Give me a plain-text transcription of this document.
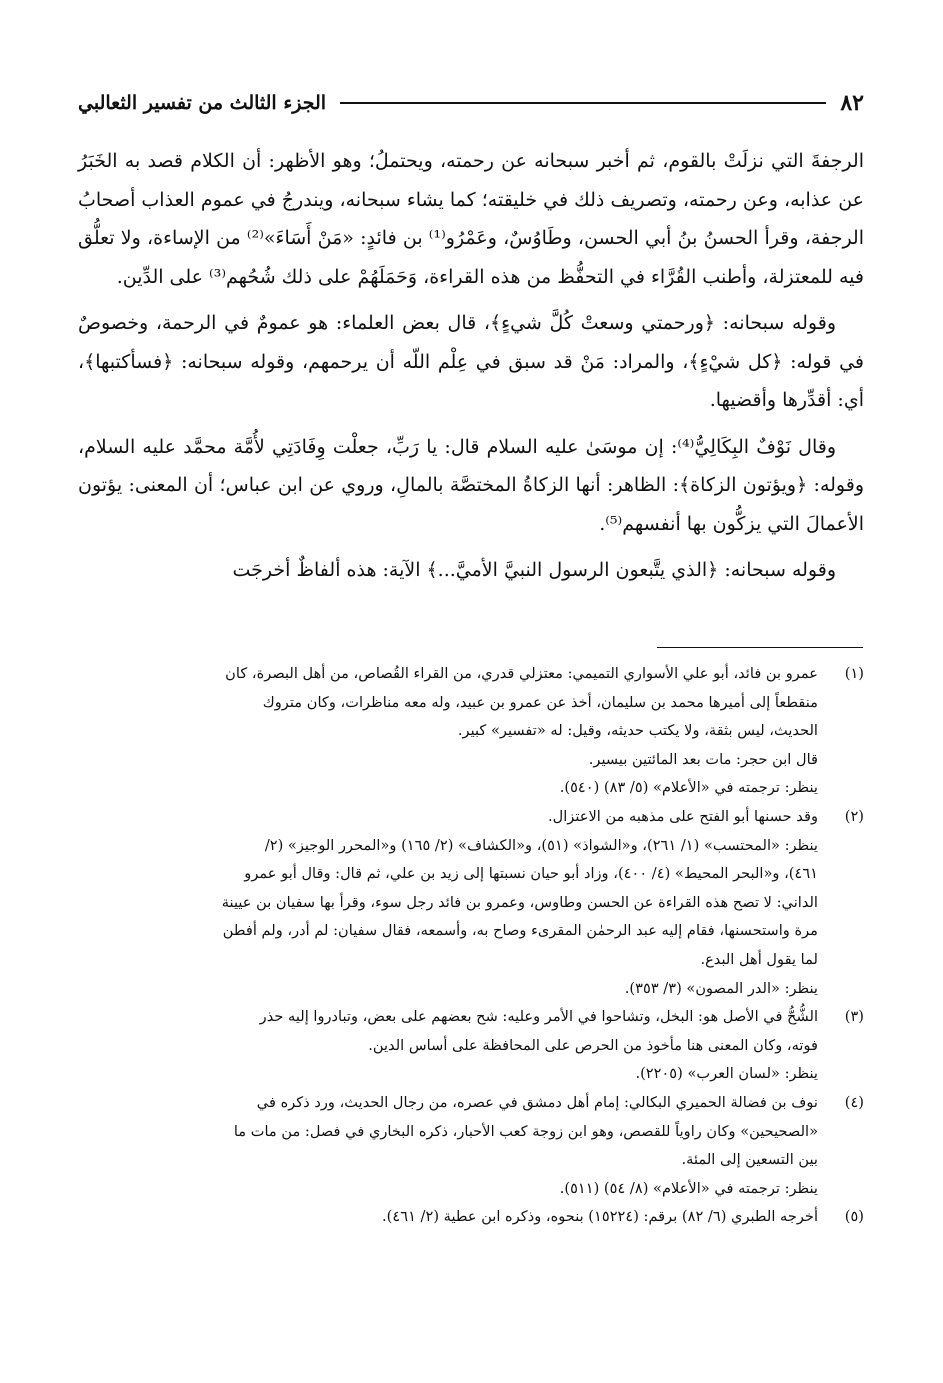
٨٢
الجزء الثالث من تفسير الثعالبي

الرجفةَ التي نزلَتْ بالقوم، ثم أخبر سبحانه عن رحمته، ويحتملُ؛ وهو الأظهر: أن الكلام قصد به الخَبَرُ عن عذابه، وعن رحمته، وتصريف ذلك في خليقته؛ كما يشاء سبحانه، ويندرجُ في عموم العذاب أصحابُ الرجفة، وقرأ الحسنُ بنُ أبي الحسن، وطَاوُسٌ، وعَمْرُو⁽¹⁾ بن فائدٍ: «مَنْ أَسَاءَ»⁽²⁾ من الإساءة، ولا تعلُّق فيه للمعتزلة، وأطنب القُرَّاء في التحفُّظ من هذه القراءة، وَحَمَلَهُمْ على ذلك شُحُهم⁽³⁾ على الدِّين.

وقوله سبحانه: ﴿ورحمتي وسعتْ كُلَّ شيءٍ﴾، قال بعض العلماء: هو عمومٌ في الرحمة، وخصوصٌ في قوله: ﴿كل شيْءٍ﴾، والمراد: مَنْ قد سبق في عِلْم اللّه أن يرحمهم، وقوله سبحانه: ﴿فسأكتبها﴾، أي: أقدِّرها وأقضيها.

وقال نَوْفٌ البِكَالِيُّ⁽⁴⁾: إن موسَىٰ عليه السلام قال: يا رَبِّ، جعلْت وِفَادَتِي لأُمَّة محمَّد عليه السلام، وقوله: ﴿ويؤتون الزكاة﴾: الظاهر: أنها الزكاةُ المختصَّة بالمالِ، وروي عن ابن عباس؛ أن المعنى: يؤتون الأعمالَ التي يزكُّون بها أنفسهم⁽⁵⁾.

وقوله سبحانه: ﴿الذي يتَّبعون الرسول النبيَّ الأميَّ...﴾ الآية: هذه ألفاظٌ أخرجَت

(١)
عمرو بن فائد، أبو علي الأسواري التميمي: معتزلي قدري، من القراء القُصاص، من أهل البصرة، كان
منقطعاً إلى أميرها محمد بن سليمان، أخذ عن عمرو بن عبيد، وله معه مناظرات، وكان متروك
الحديث، ليس بثقة، ولا يكتب حديثه، وقيل: له «تفسير» كبير.
قال ابن حجر: مات بعد المائتين بيسير.
ينظر: ترجمته في «الأعلام» (٥/ ٨٣) (٥٤٠).
(٢)
وقد حسنها أبو الفتح على مذهبه من الاعتزال.
ينظر: «المحتسب» (١/ ٢٦١)، و«الشواذ» (٥١)، و«الكشاف» (٢/ ١٦٥) و«المحرر الوجيز» (٢/
٤٦١)، و«البحر المحيط» (٤/ ٤٠٠)، وزاد أبو حيان نسبتها إلى زيد بن علي، ثم قال: وقال أبو عمرو
الداني: لا تصح هذه القراءة عن الحسن وطاوس، وعمرو بن فائد رجل سوء، وقرأ بها سفيان بن عيينة
مرة واستحسنها، فقام إليه عبد الرحمٰن المقرىء وصاح به، وأسمعه، فقال سفيان: لم أدر، ولم أفطن
لما يقول أهل البدع.
ينظر: «الدر المصون» (٣/ ٣٥٣).
(٣)
الشُّحُّ في الأصل هو: البخل، وتشاحوا في الأمر وعليه: شح بعضهم على بعض، وتبادروا إليه حذر
فوته، وكان المعنى هنا مأخوذ من الحرص على المحافظة على أساس الدين.
ينظر: «لسان العرب» (٢٢٠٥).
(٤)
نوف بن فضالة الحميري البكالي: إمام أهل دمشق في عصره، من رجال الحديث، ورد ذكره في
«الصحيحين» وكان راوياً للقصص، وهو ابن زوجة كعب الأحبار، ذكره البخاري في فصل: من مات ما
بين التسعين إلى المئة.
ينظر: ترجمته في «الأعلام» (٨/ ٥٤) (٥١١).
(٥)
أخرجه الطبري (٦/ ٨٢) برقم: (١٥٢٢٤) بنحوه، وذكره ابن عطية (٢/ ٤٦١).
